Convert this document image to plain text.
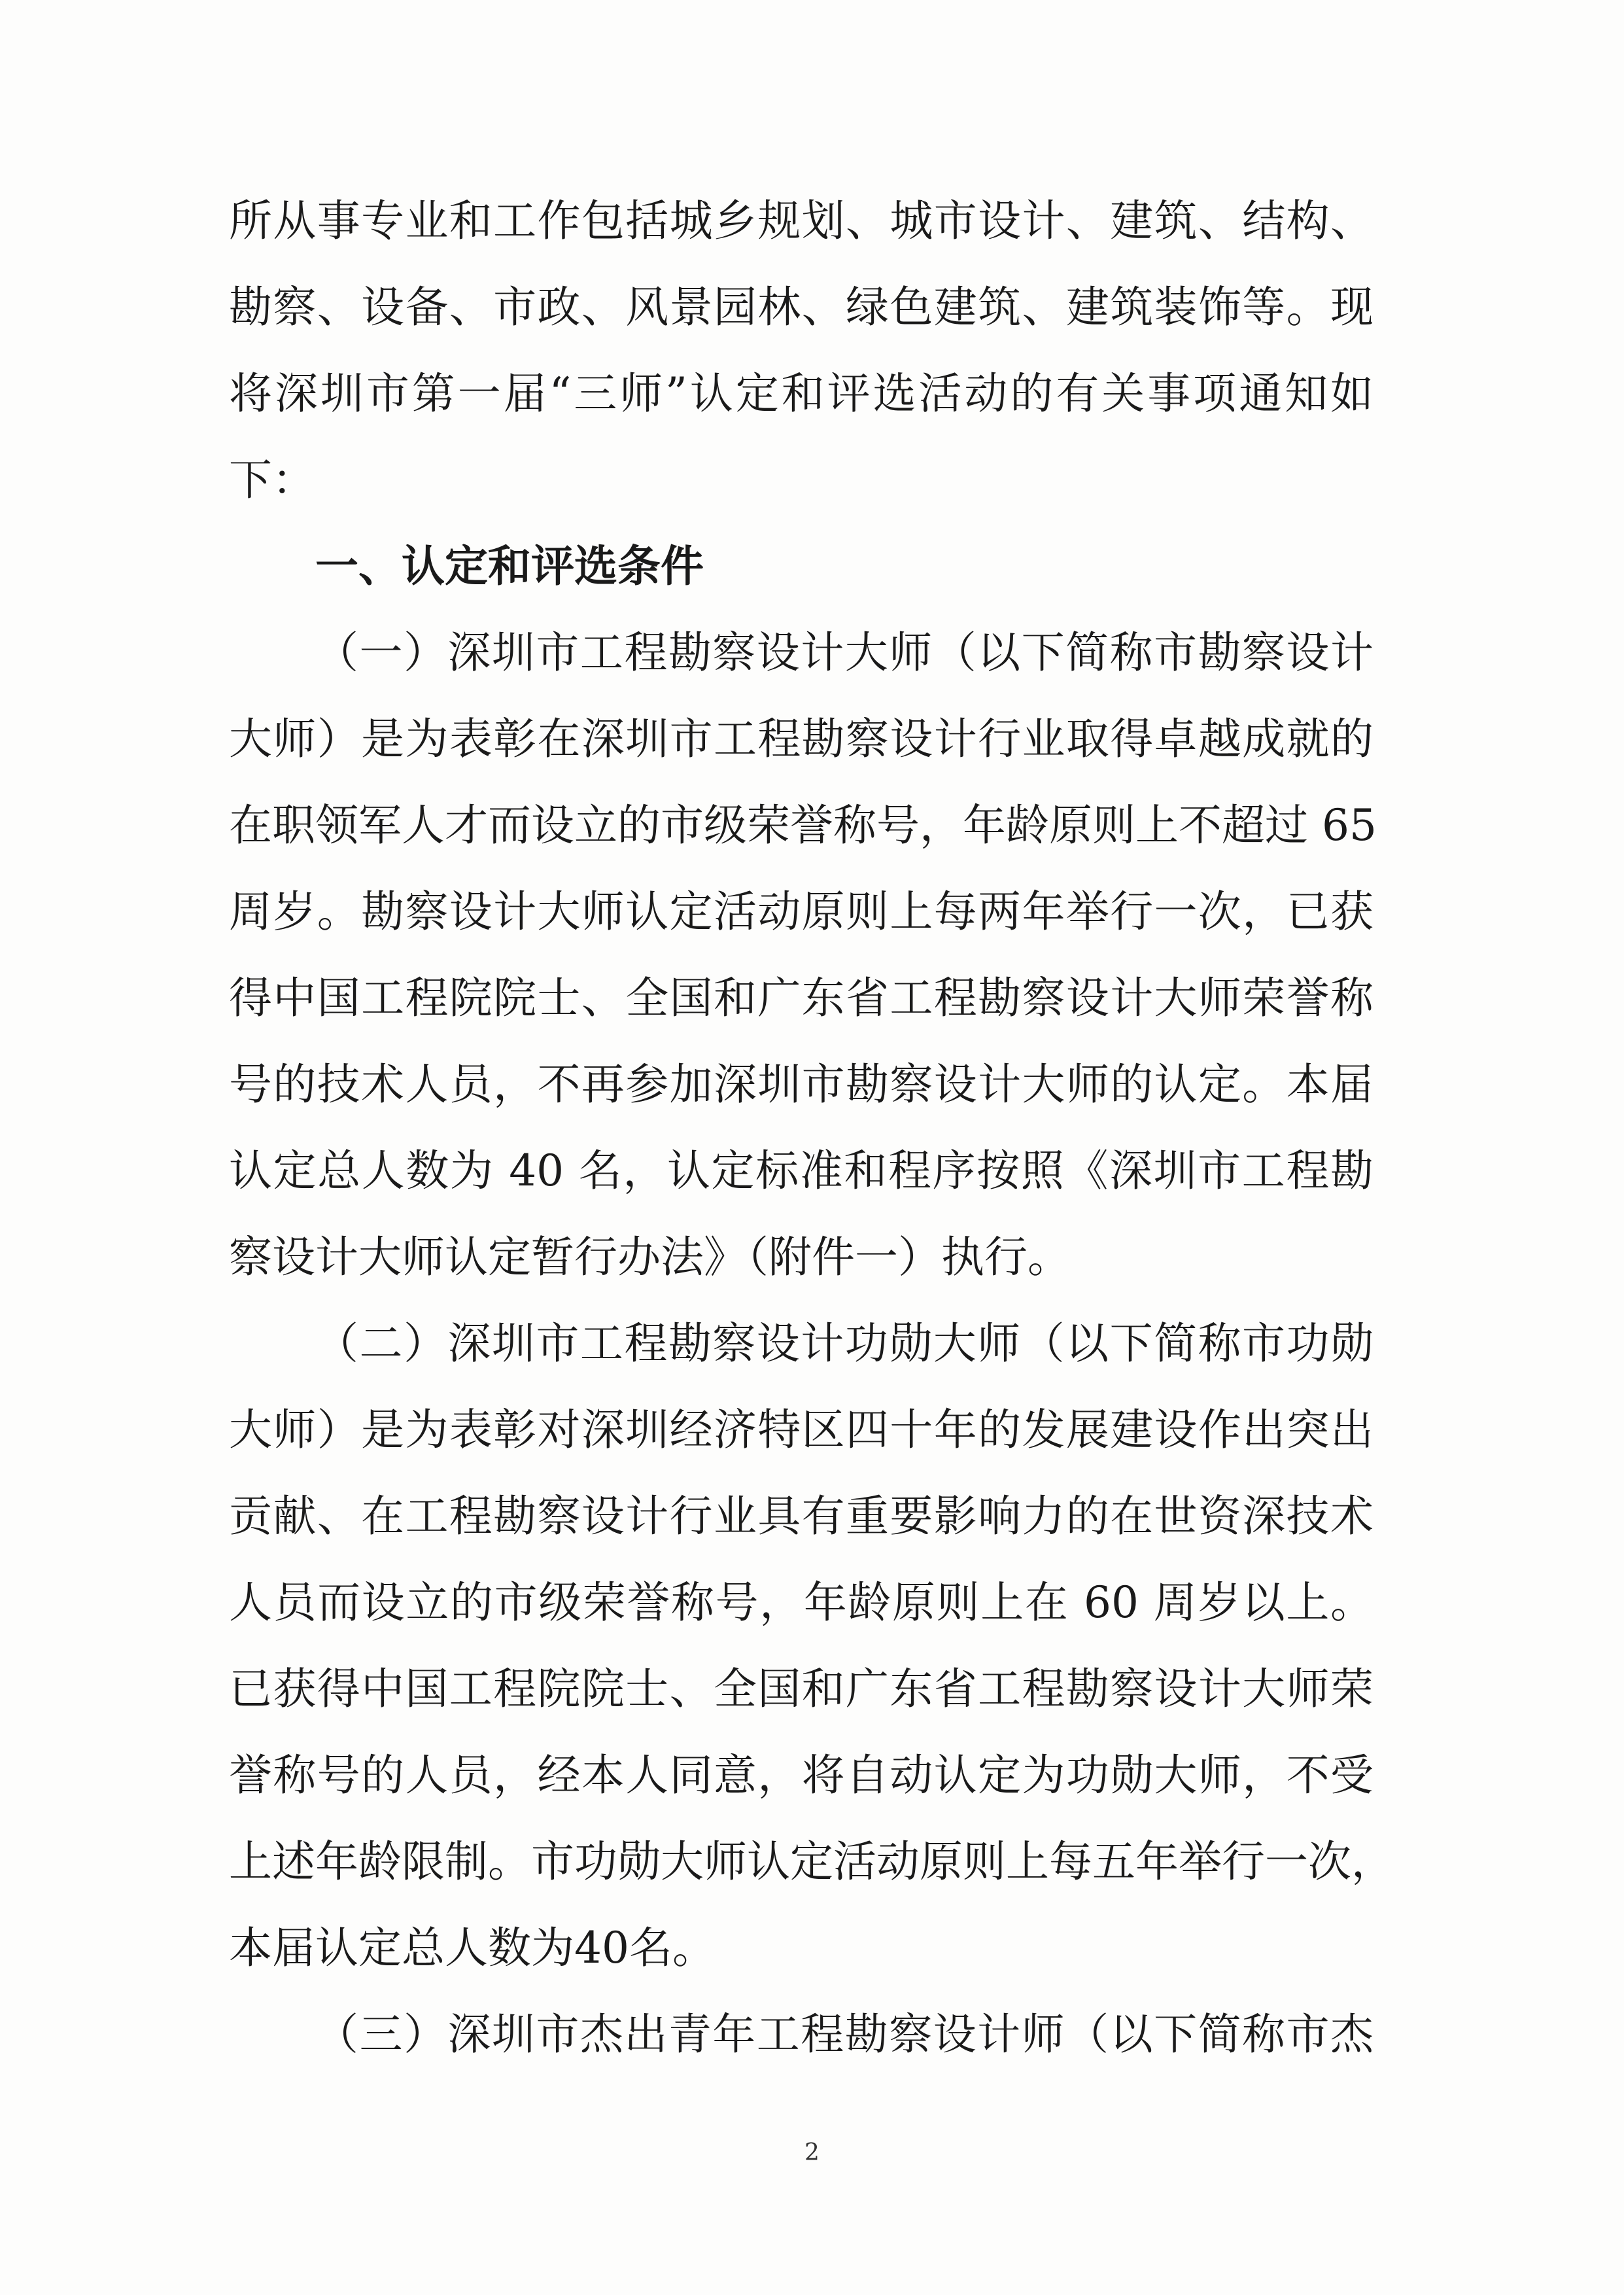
所从事专业和工作包括城乡规划、城市设计、建筑、结构、
勘察、设备、市政、风景园林、绿色建筑、建筑装饰等。现
将深圳市第一届“三师”认定和评选活动的有关事项通知如
下：
一、认定和评选条件
（一）深圳市工程勘察设计大师（以下简称市勘察设计
大师）是为表彰在深圳市工程勘察设计行业取得卓越成就的
在职领军人才而设立的市级荣誉称号，年龄原则上不超过 65
周岁。勘察设计大师认定活动原则上每两年举行一次，已获
得中国工程院院士、全国和广东省工程勘察设计大师荣誉称
号的技术人员，不再参加深圳市勘察设计大师的认定。本届
认定总人数为 40 名，认定标准和程序按照《深圳市工程勘
察设计大师认定暂行办法》（附件一）执行。
（二）深圳市工程勘察设计功勋大师（以下简称市功勋
大师）是为表彰对深圳经济特区四十年的发展建设作出突出
贡献、在工程勘察设计行业具有重要影响力的在世资深技术
人员而设立的市级荣誉称号，年龄原则上在 60 周岁以上。
已获得中国工程院院士、全国和广东省工程勘察设计大师荣
誉称号的人员，经本人同意，将自动认定为功勋大师，不受
上述年龄限制。市功勋大师认定活动原则上每五年举行一次，
本届认定总人数为40名。
（三）深圳市杰出青年工程勘察设计师（以下简称市杰
2
